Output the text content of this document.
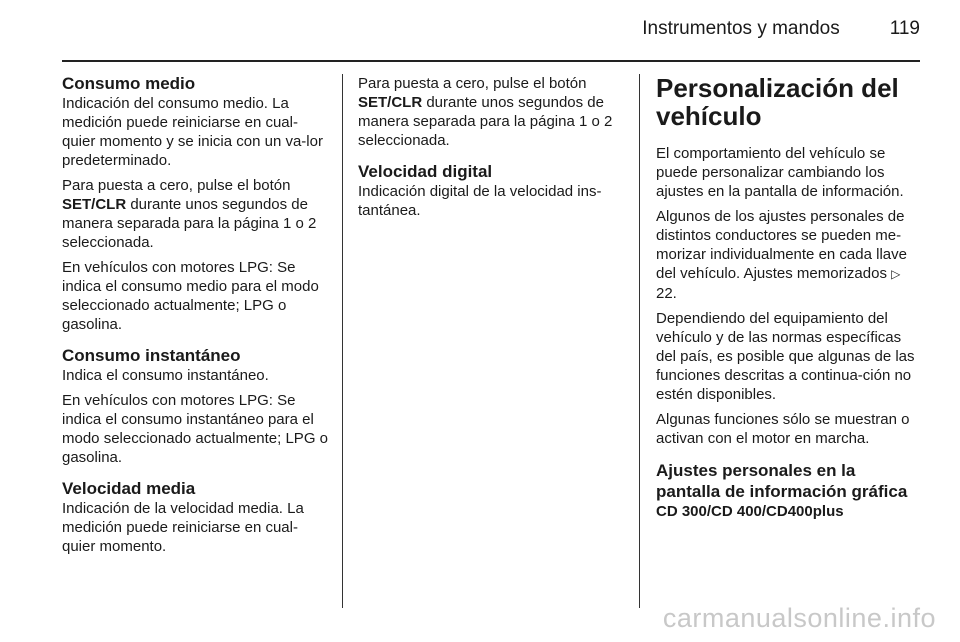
Instrumentos y mandos	119
Consumo medio

Indicación del consumo medio. La medición puede reiniciarse en cual-quier momento y se inicia con un va-lor predeterminado.

Para puesta a cero, pulse el botón SET/CLR durante unos segundos de manera separada para la página 1 o 2 seleccionada.

En vehículos con motores LPG: Se indica el consumo medio para el modo seleccionado actualmente; LPG o gasolina.

Consumo instantáneo

Indica el consumo instantáneo.

En vehículos con motores LPG: Se indica el consumo instantáneo para el modo seleccionado actualmente; LPG o gasolina.

Velocidad media

Indicación de la velocidad media. La medición puede reiniciarse en cual-quier momento.

Para puesta a cero, pulse el botón SET/CLR durante unos segundos de manera separada para la página 1 o 2 seleccionada.

Velocidad digital

Indicación digital de la velocidad ins-tantánea.

Personalización del vehículo

El comportamiento del vehículo se puede personalizar cambiando los ajustes en la pantalla de información.

Algunos de los ajustes personales de distintos conductores se pueden me-morizar individualmente en cada llave del vehículo. Ajustes memorizados ▷ 22.

Dependiendo del equipamiento del vehículo y de las normas específicas del país, es posible que algunas de las funciones descritas a continua-ción no estén disponibles.

Algunas funciones sólo se muestran o activan con el motor en marcha.

Ajustes personales en la pantalla de información gráfica
CD 300/CD 400/CD400plus
carmanualsonline.info
